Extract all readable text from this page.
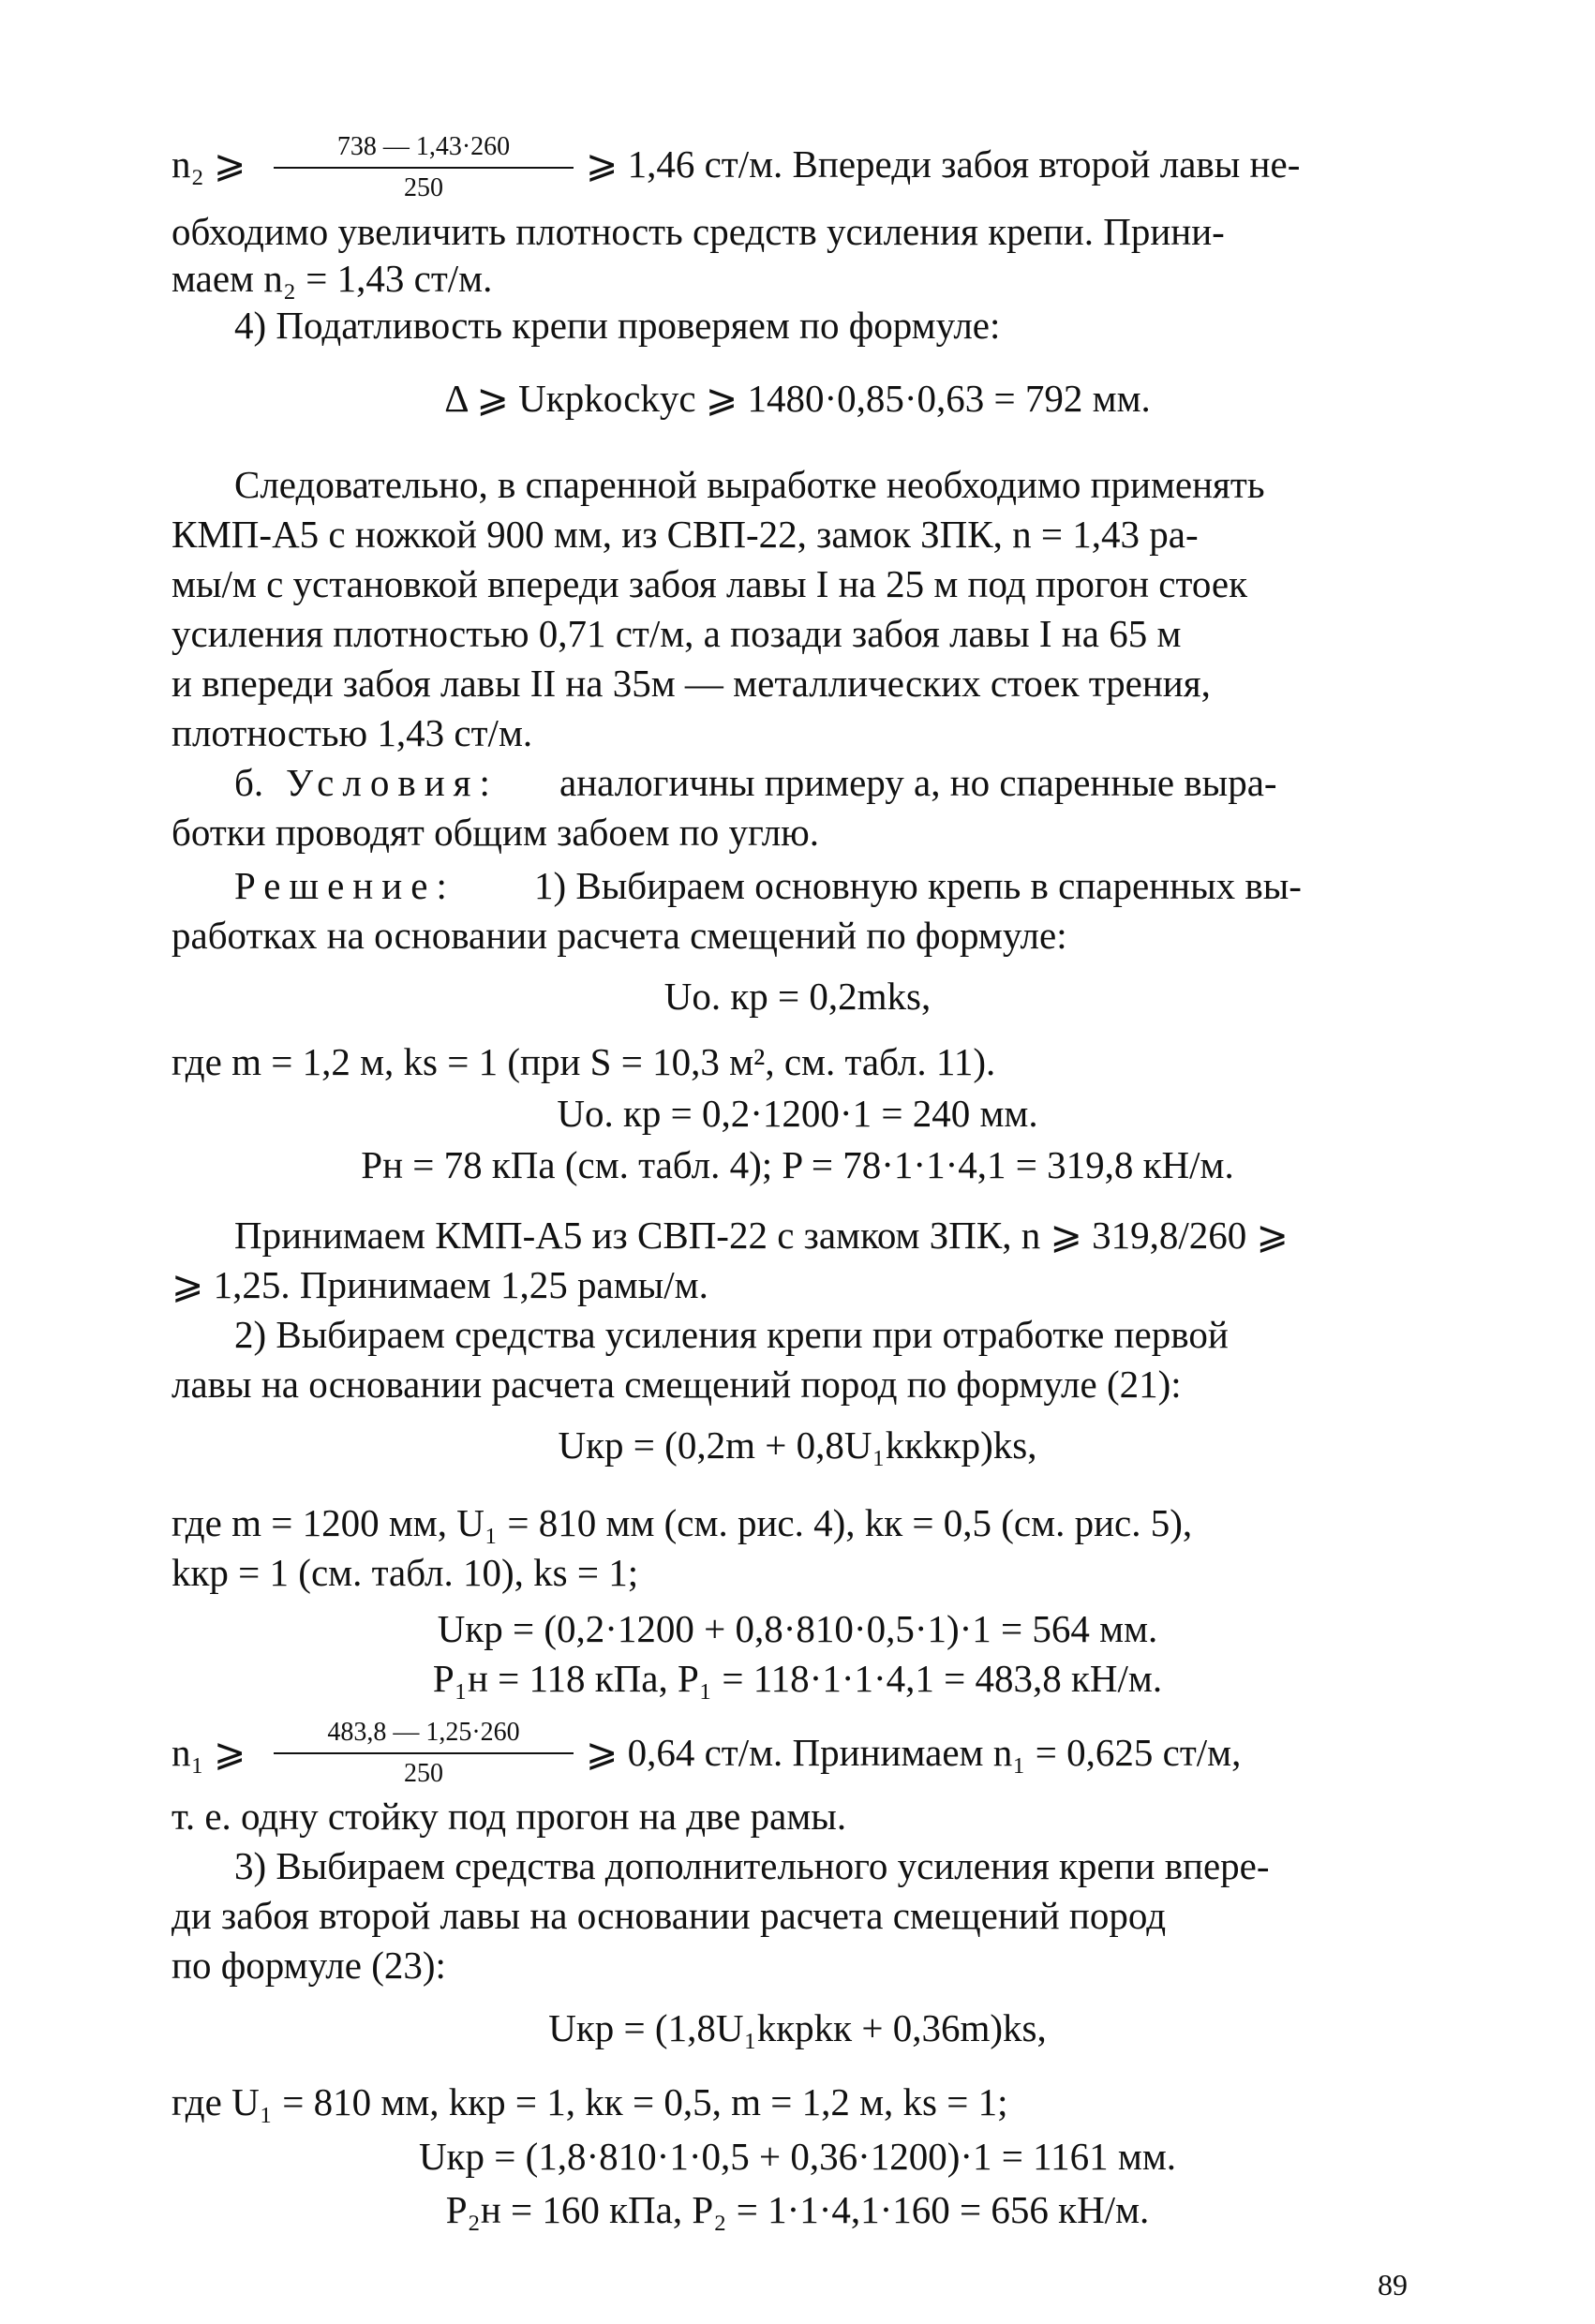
n₂ ⩾	738 — 1,43·260
250
⩾ 1,46 ст/м. Впереди забоя второй лавы не-
обходимо увеличить плотность средств усиления крепи. Прини-
маем n₂ = 1,43 ст/м.
4) Податливость крепи проверяем по формуле:
Δ ⩾ Uкрkосkус ⩾ 1480·0,85·0,63 = 792 мм.
Следовательно, в спаренной выработке необходимо применять
КМП-А5 с ножкой 900 мм, из СВП-22, замок ЗПК, n = 1,43 ра-
мы/м с установкой впереди забоя лавы I на 25 м под прогон стоек
усиления плотностью 0,71 ст/м, а позади забоя лавы I на 65 м
и впереди забоя лавы II на 35м — металлических стоек трения,
плотностью 1,43 ст/м.
б. Условия: аналогичны примеру а, но спаренные выра-
ботки проводят общим забоем по углю.
Решение: 1) Выбираем основную крепь в спаренных вы-
работках на основании расчета смещений по формуле:
Uо. кр = 0,2mks,
где m = 1,2 м, ks = 1 (при S = 10,3 м², см. табл. 11).
Uо. кр = 0,2·1200·1 = 240 мм.
Pн = 78 кПа (см. табл. 4); P = 78·1·1·4,1 = 319,8 кН/м.
Принимаем КМП-А5 из СВП-22 с замком ЗПК, n ⩾ 319,8/260 ⩾
⩾ 1,25. Принимаем 1,25 рамы/м.
2) Выбираем средства усиления крепи при отработке первой
лавы на основании расчета смещений пород по формуле (21):
Uкр = (0,2m + 0,8U₁kкkкр)ks,
где m = 1200 мм, U₁ = 810 мм (см. рис. 4), kк = 0,5 (см. рис. 5),
kкр = 1 (см. табл. 10), ks = 1;
Uкр = (0,2·1200 + 0,8·810·0,5·1)·1 = 564 мм.
P₁н = 118 кПа, P₁ = 118·1·1·4,1 = 483,8 кН/м.
n₁ ⩾	483,8 — 1,25·260
250	⩾ 0,64 ст/м. Принимаем n₁ = 0,625 ст/м,
т. е. одну стойку под прогон на две рамы.
3) Выбираем средства дополнительного усиления крепи впере-
ди забоя второй лавы на основании расчета смещений пород
по формуле (23):
Uкр = (1,8U₁kкрkк + 0,36m)ks,
где U₁ = 810 мм, kкр = 1, kк = 0,5, m = 1,2 м, ks = 1;
Uкр = (1,8·810·1·0,5 + 0,36·1200)·1 = 1161 мм.
P₂н = 160 кПа, P₂ = 1·1·4,1·160 = 656 кН/м.
89
